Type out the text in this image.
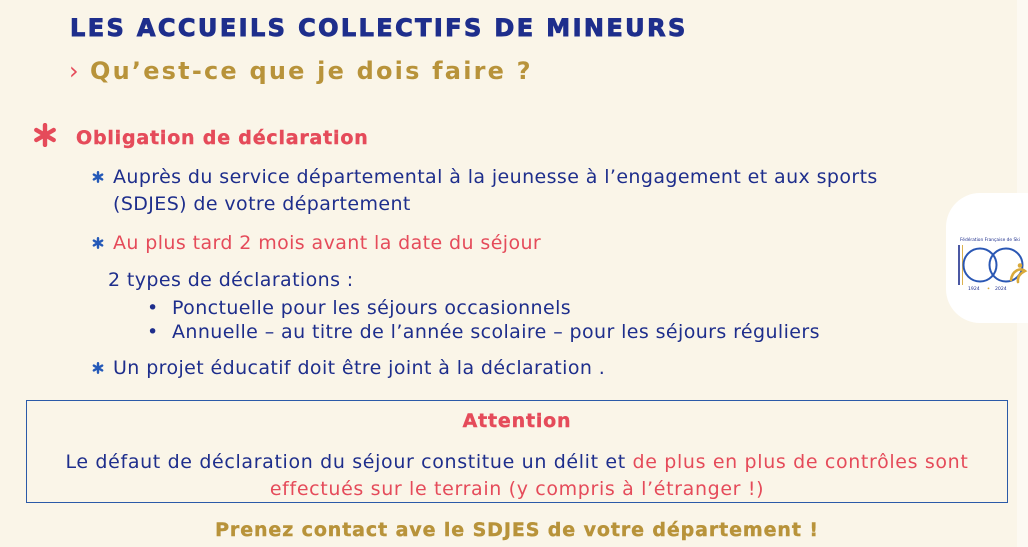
Fédération Française de Ski
1924	2024
LES ACCUEILS COLLECTIFS DE MINEURS
› Qu’est-ce que je dois faire ?
Obligation de déclaration
Auprès du service départemental à la jeunesse à l’engagement et aux sports
(SDJES) de votre département
Au plus tard 2 mois avant la date du séjour
2 types de déclarations :
• Ponctuelle pour les séjours occasionnels
• Annuelle – au titre de l’année scolaire – pour les séjours réguliers
Un projet éducatif doit être joint à la déclaration .
Attention

Le défaut de déclaration du séjour constitue un délit et de plus en plus de contrôles sont

effectués sur le terrain (y compris à l’étranger !)

Prenez contact ave le SDJES de votre département !
